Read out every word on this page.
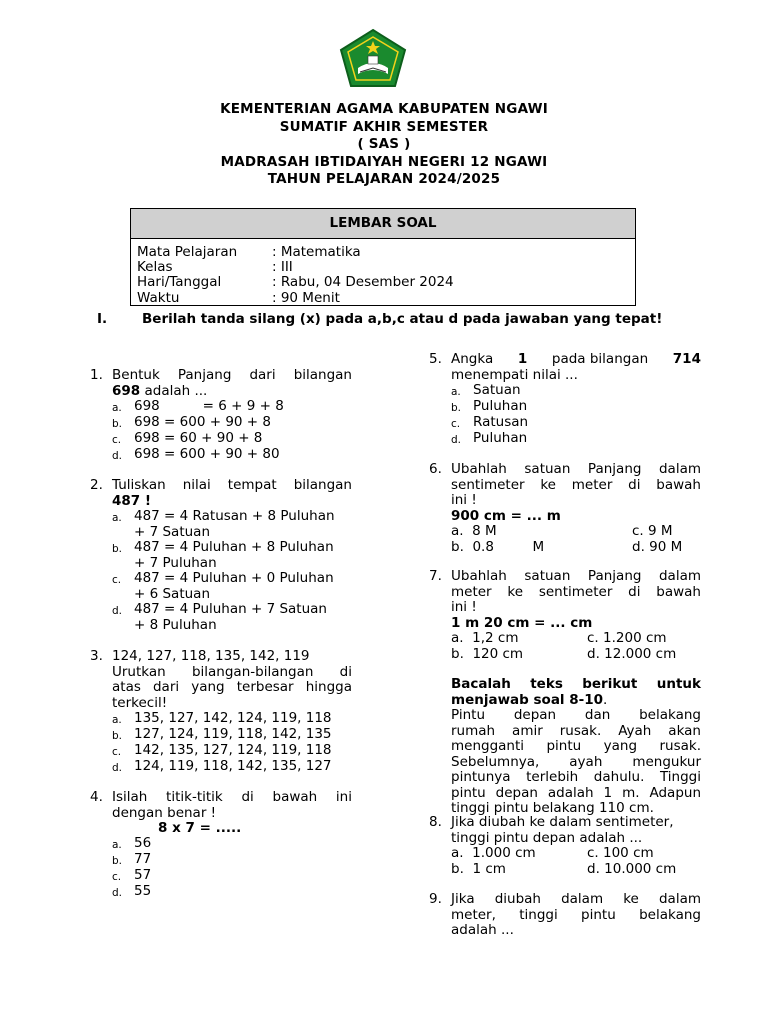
KEMENTERIAN AGAMA KABUPATEN NGAWI
SUMATIF AKHIR SEMESTER
( SAS )
MADRASAH IBTIDAIYAH NEGERI 12 NGAWI
TAHUN PELAJARAN 2024/2025
LEMBAR SOAL
Mata Pelajaran	: Matematika
Kelas	: III
Hari/Tanggal	: Rabu, 04 Desember 2024
Waktu	: 90 Menit
I.	Berilah tanda silang (x) pada a,b,c atau d pada jawaban yang tepat!
1. Bentuk Panjang dari bilangan
698 adalah ...
a. 698          = 6 + 9 + 8
b. 698 = 600 + 90 + 8
c. 698 = 60 + 90 + 8
d. 698 = 600 + 90 + 80
2. Tuliskan nilai tempat bilangan
487 !
a. 487 = 4 Ratusan + 8 Puluhan
+ 7 Satuan
b. 487 = 4 Puluhan + 8 Puluhan
+ 7 Puluhan
c. 487 = 4 Puluhan + 0 Puluhan
+ 6 Satuan
d. 487 = 4 Puluhan + 7 Satuan
+ 8 Puluhan
3. 124, 127, 118, 135, 142, 119
Urutkan bilangan-bilangan di
atas dari yang terbesar hingga
terkecil!
a. 135, 127, 142, 124, 119, 118
b. 127, 124, 119, 118, 142, 135
c. 142, 135, 127, 124, 119, 118
d. 124, 119, 118, 142, 135, 127
4. Isilah titik-titik di bawah ini
dengan benar !
8 x 7 = .....
a. 56
b. 77
c. 57
d. 55
5. Angka 1 pada bilangan 714
menempati nilai ...
a. Satuan
b. Puluhan
c. Ratusan
d. Puluhan
6. Ubahlah satuan Panjang dalam
sentimeter ke meter di bawah
ini !
900 cm = ... m
a.  8 M	c. 9 M
b.  0.8         M	d. 90 M
7. Ubahlah satuan Panjang dalam
meter ke sentimeter di bawah
ini !
1 m 20 cm = ... cm
a.  1,2 cm	c. 1.200 cm
b.  120 cm	d. 12.000 cm
Bacalah teks berikut untuk
menjawab soal 8-10.
Pintu depan dan belakang
rumah amir rusak. Ayah akan
mengganti pintu yang rusak.
Sebelumnya, ayah mengukur
pintunya terlebih dahulu. Tinggi
pintu depan adalah 1 m. Adapun
tinggi pintu belakang 110 cm.
8. Jika diubah ke dalam sentimeter,
tinggi pintu depan adalah ...
a.  1.000 cm	c. 100 cm
b.  1 cm	d. 10.000 cm
9. Jika diubah dalam ke dalam
meter, tinggi pintu belakang
adalah ...
